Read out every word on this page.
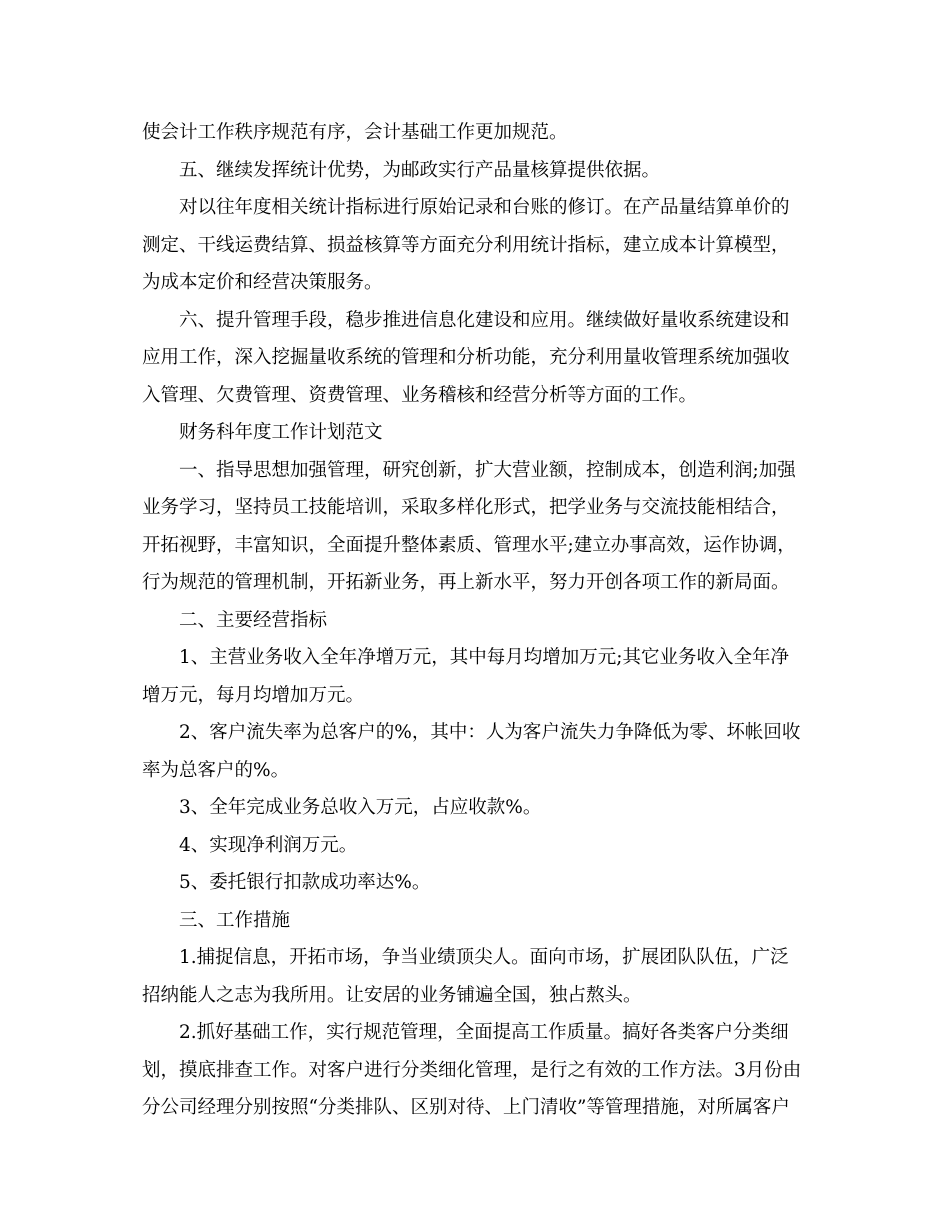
使会计工作秩序规范有序，会计基础工作更加规范。
五、继续发挥统计优势，为邮政实行产品量核算提供依据。
对以往年度相关统计指标进行原始记录和台账的修订。在产品量结算单价的
测定、干线运费结算、损益核算等方面充分利用统计指标，建立成本计算模型，
为成本定价和经营决策服务。
六、提升管理手段，稳步推进信息化建设和应用。继续做好量收系统建设和
应用工作，深入挖掘量收系统的管理和分析功能，充分利用量收管理系统加强收
入管理、欠费管理、资费管理、业务稽核和经营分析等方面的工作。
财务科年度工作计划范文
一、指导思想加强管理，研究创新，扩大营业额，控制成本，创造利润;加强
业务学习，坚持员工技能培训，采取多样化形式，把学业务与交流技能相结合，
开拓视野，丰富知识，全面提升整体素质、管理水平;建立办事高效，运作协调，
行为规范的管理机制，开拓新业务，再上新水平，努力开创各项工作的新局面。
二、主要经营指标
1、主营业务收入全年净增万元，其中每月均增加万元;其它业务收入全年净
增万元，每月均增加万元。
2、客户流失率为总客户的%，其中：人为客户流失力争降低为零、坏帐回收
率为总客户的%。
3、全年完成业务总收入万元，占应收款%。
4、实现净利润万元。
5、委托银行扣款成功率达%。
三、工作措施
1.捕捉信息，开拓市场，争当业绩顶尖人。面向市场，扩展团队队伍，广泛
招纳能人之志为我所用。让安居的业务铺遍全国，独占熬头。
2.抓好基础工作，实行规范管理，全面提高工作质量。搞好各类客户分类细
划，摸底排查工作。对客户进行分类细化管理，是行之有效的工作方法。3月份由
分公司经理分别按照“分类排队、区别对待、上门清收”等管理措施，对所属客户
